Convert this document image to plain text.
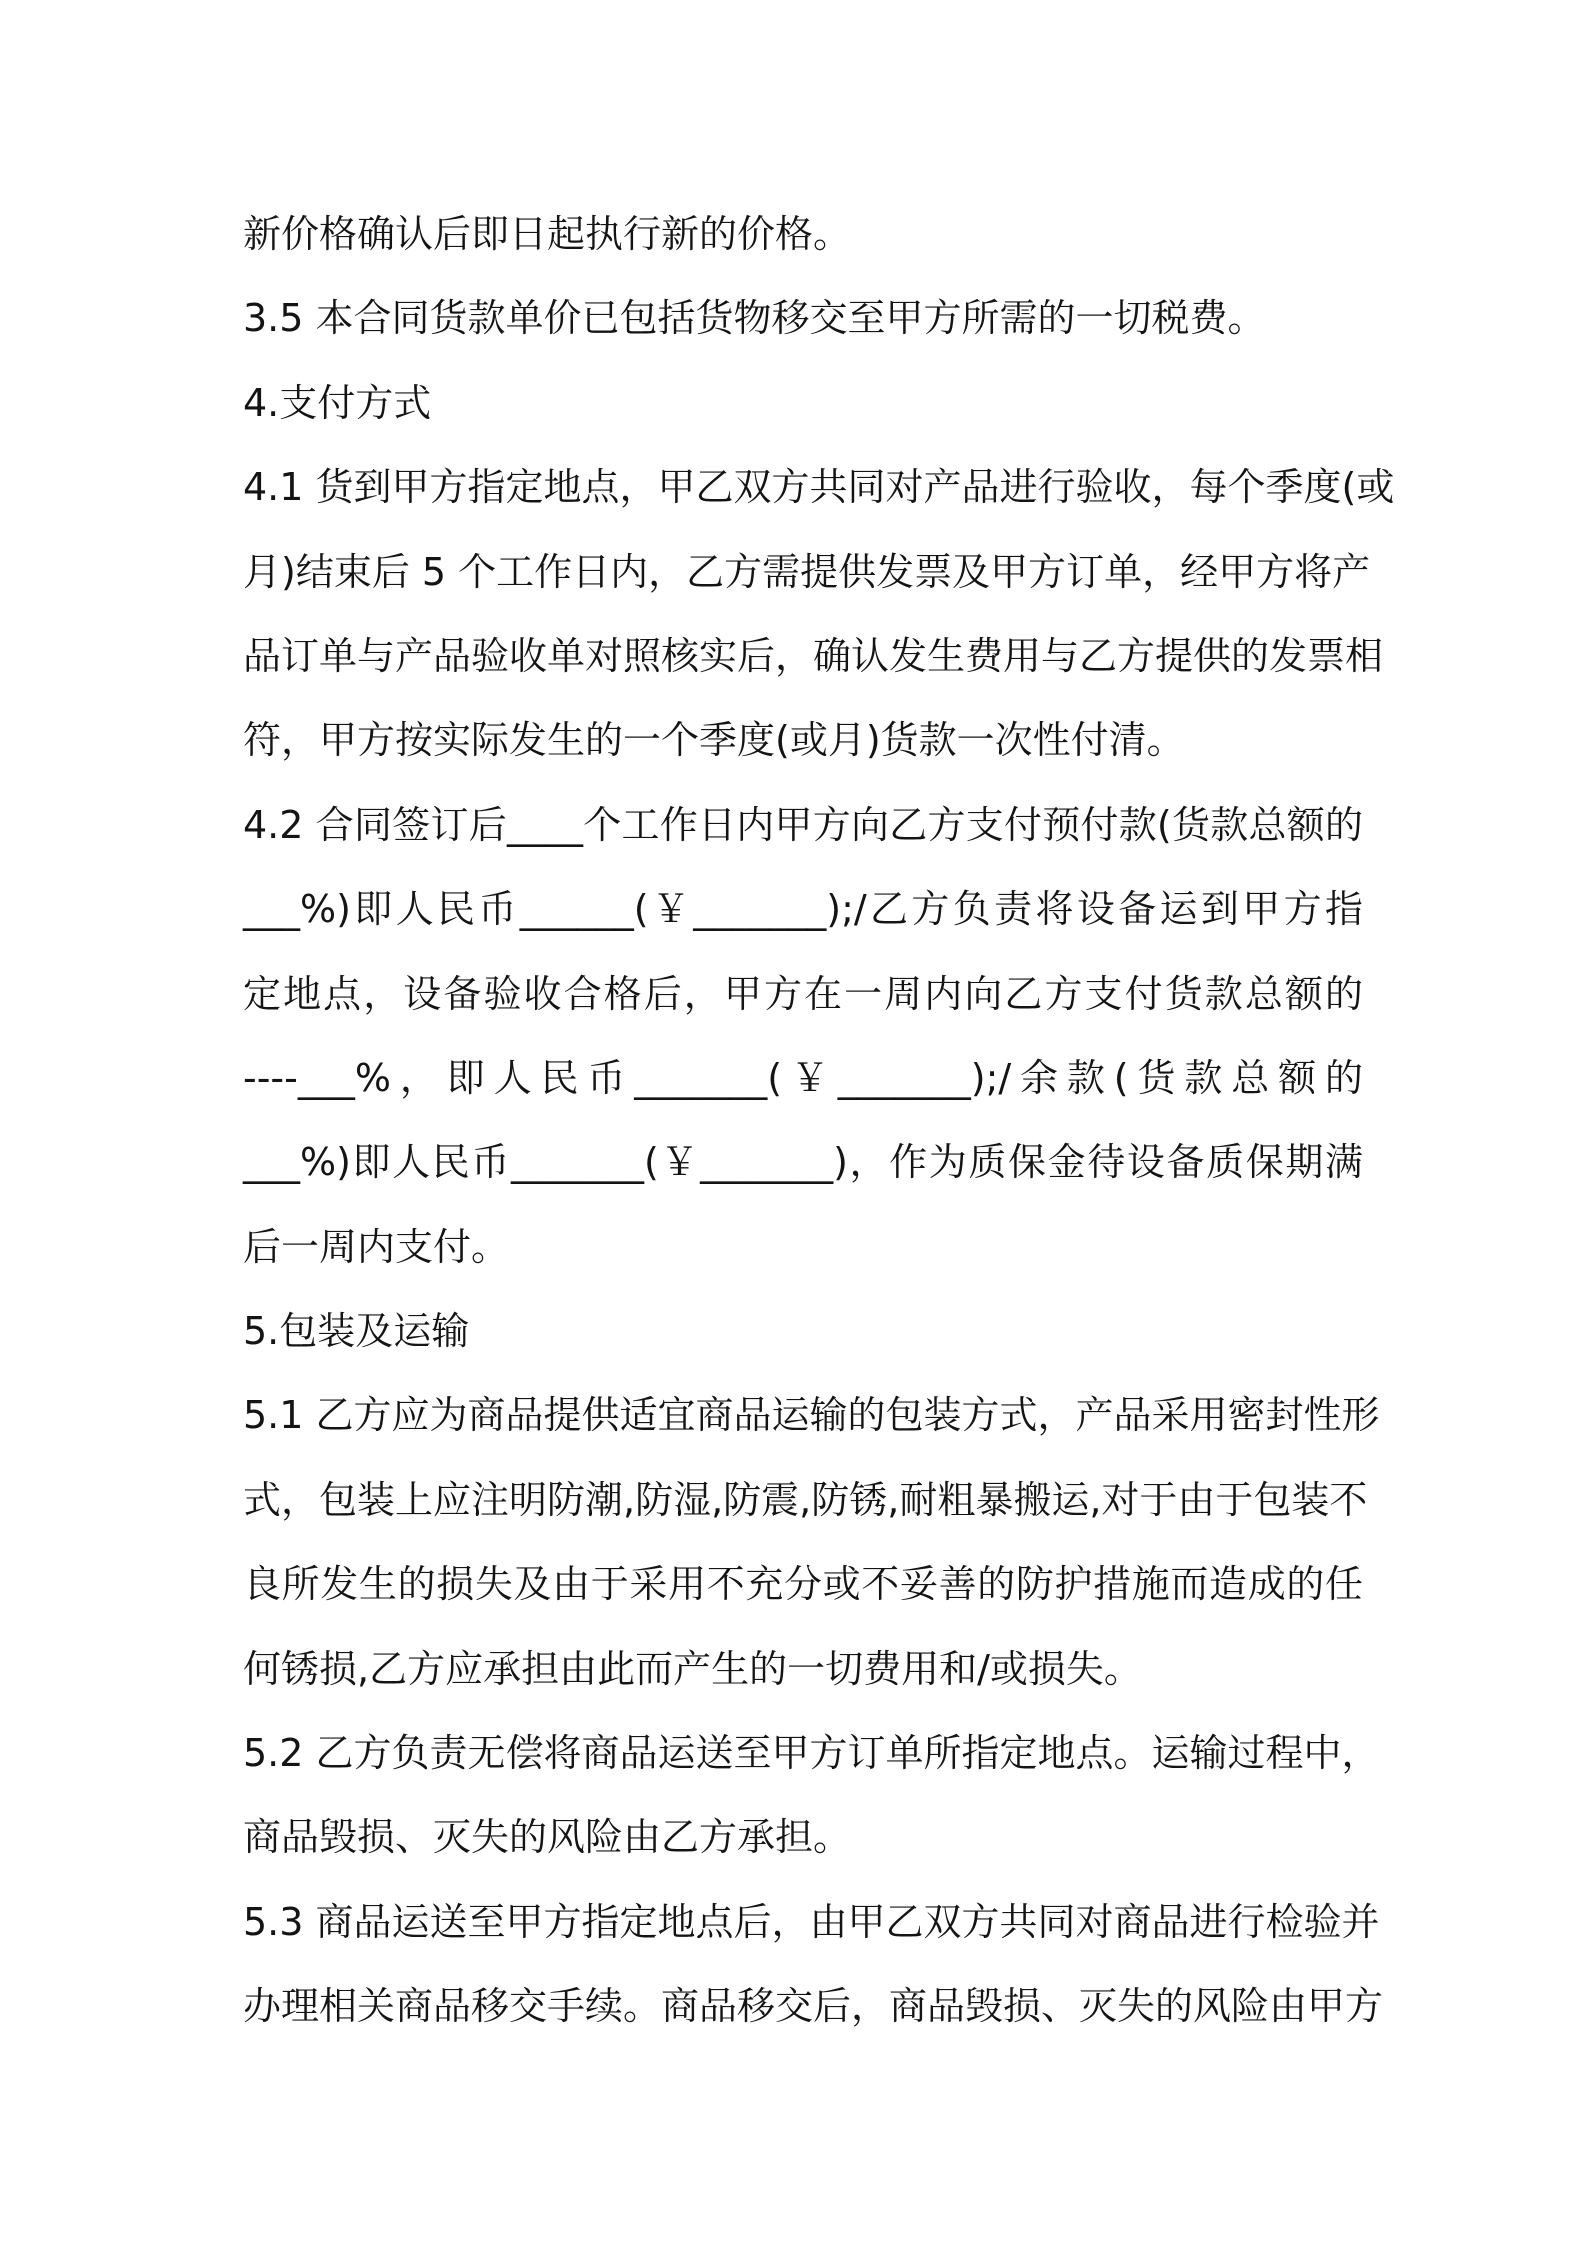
新价格确认后即日起执行新的价格。
3.5 本合同货款单价已包括货物移交至甲方所需的一切税费。
4.支付方式
4.1 货到甲方指定地点，甲乙双方共同对产品进行验收，每个季度(或
月)结束后 5 个工作日内，乙方需提供发票及甲方订单，经甲方将产
品订单与产品验收单对照核实后，确认发生费用与乙方提供的发票相
符，甲方按实际发生的一个季度(或月)货款一次性付清。
4.2 合同签订后____个工作日内甲方向乙方支付预付款(货款总额的
___%)即人民币______(￥_______);/乙方负责将设备运到甲方指
定地点，设备验收合格后，甲方在一周内向乙方支付货款总额的
----___%，即人民币_______(￥_______);/余款(货款总额的
___%)即人民币_______(￥_______)，作为质保金待设备质保期满
后一周内支付。
5.包装及运输
5.1 乙方应为商品提供适宜商品运输的包装方式，产品采用密封性形
式，包装上应注明防潮,防湿,防震,防锈,耐粗暴搬运,对于由于包装不
良所发生的损失及由于采用不充分或不妥善的防护措施而造成的任
何锈损,乙方应承担由此而产生的一切费用和/或损失。
5.2 乙方负责无偿将商品运送至甲方订单所指定地点。运输过程中，
商品毁损、灭失的风险由乙方承担。
5.3 商品运送至甲方指定地点后，由甲乙双方共同对商品进行检验并
办理相关商品移交手续。商品移交后，商品毁损、灭失的风险由甲方
